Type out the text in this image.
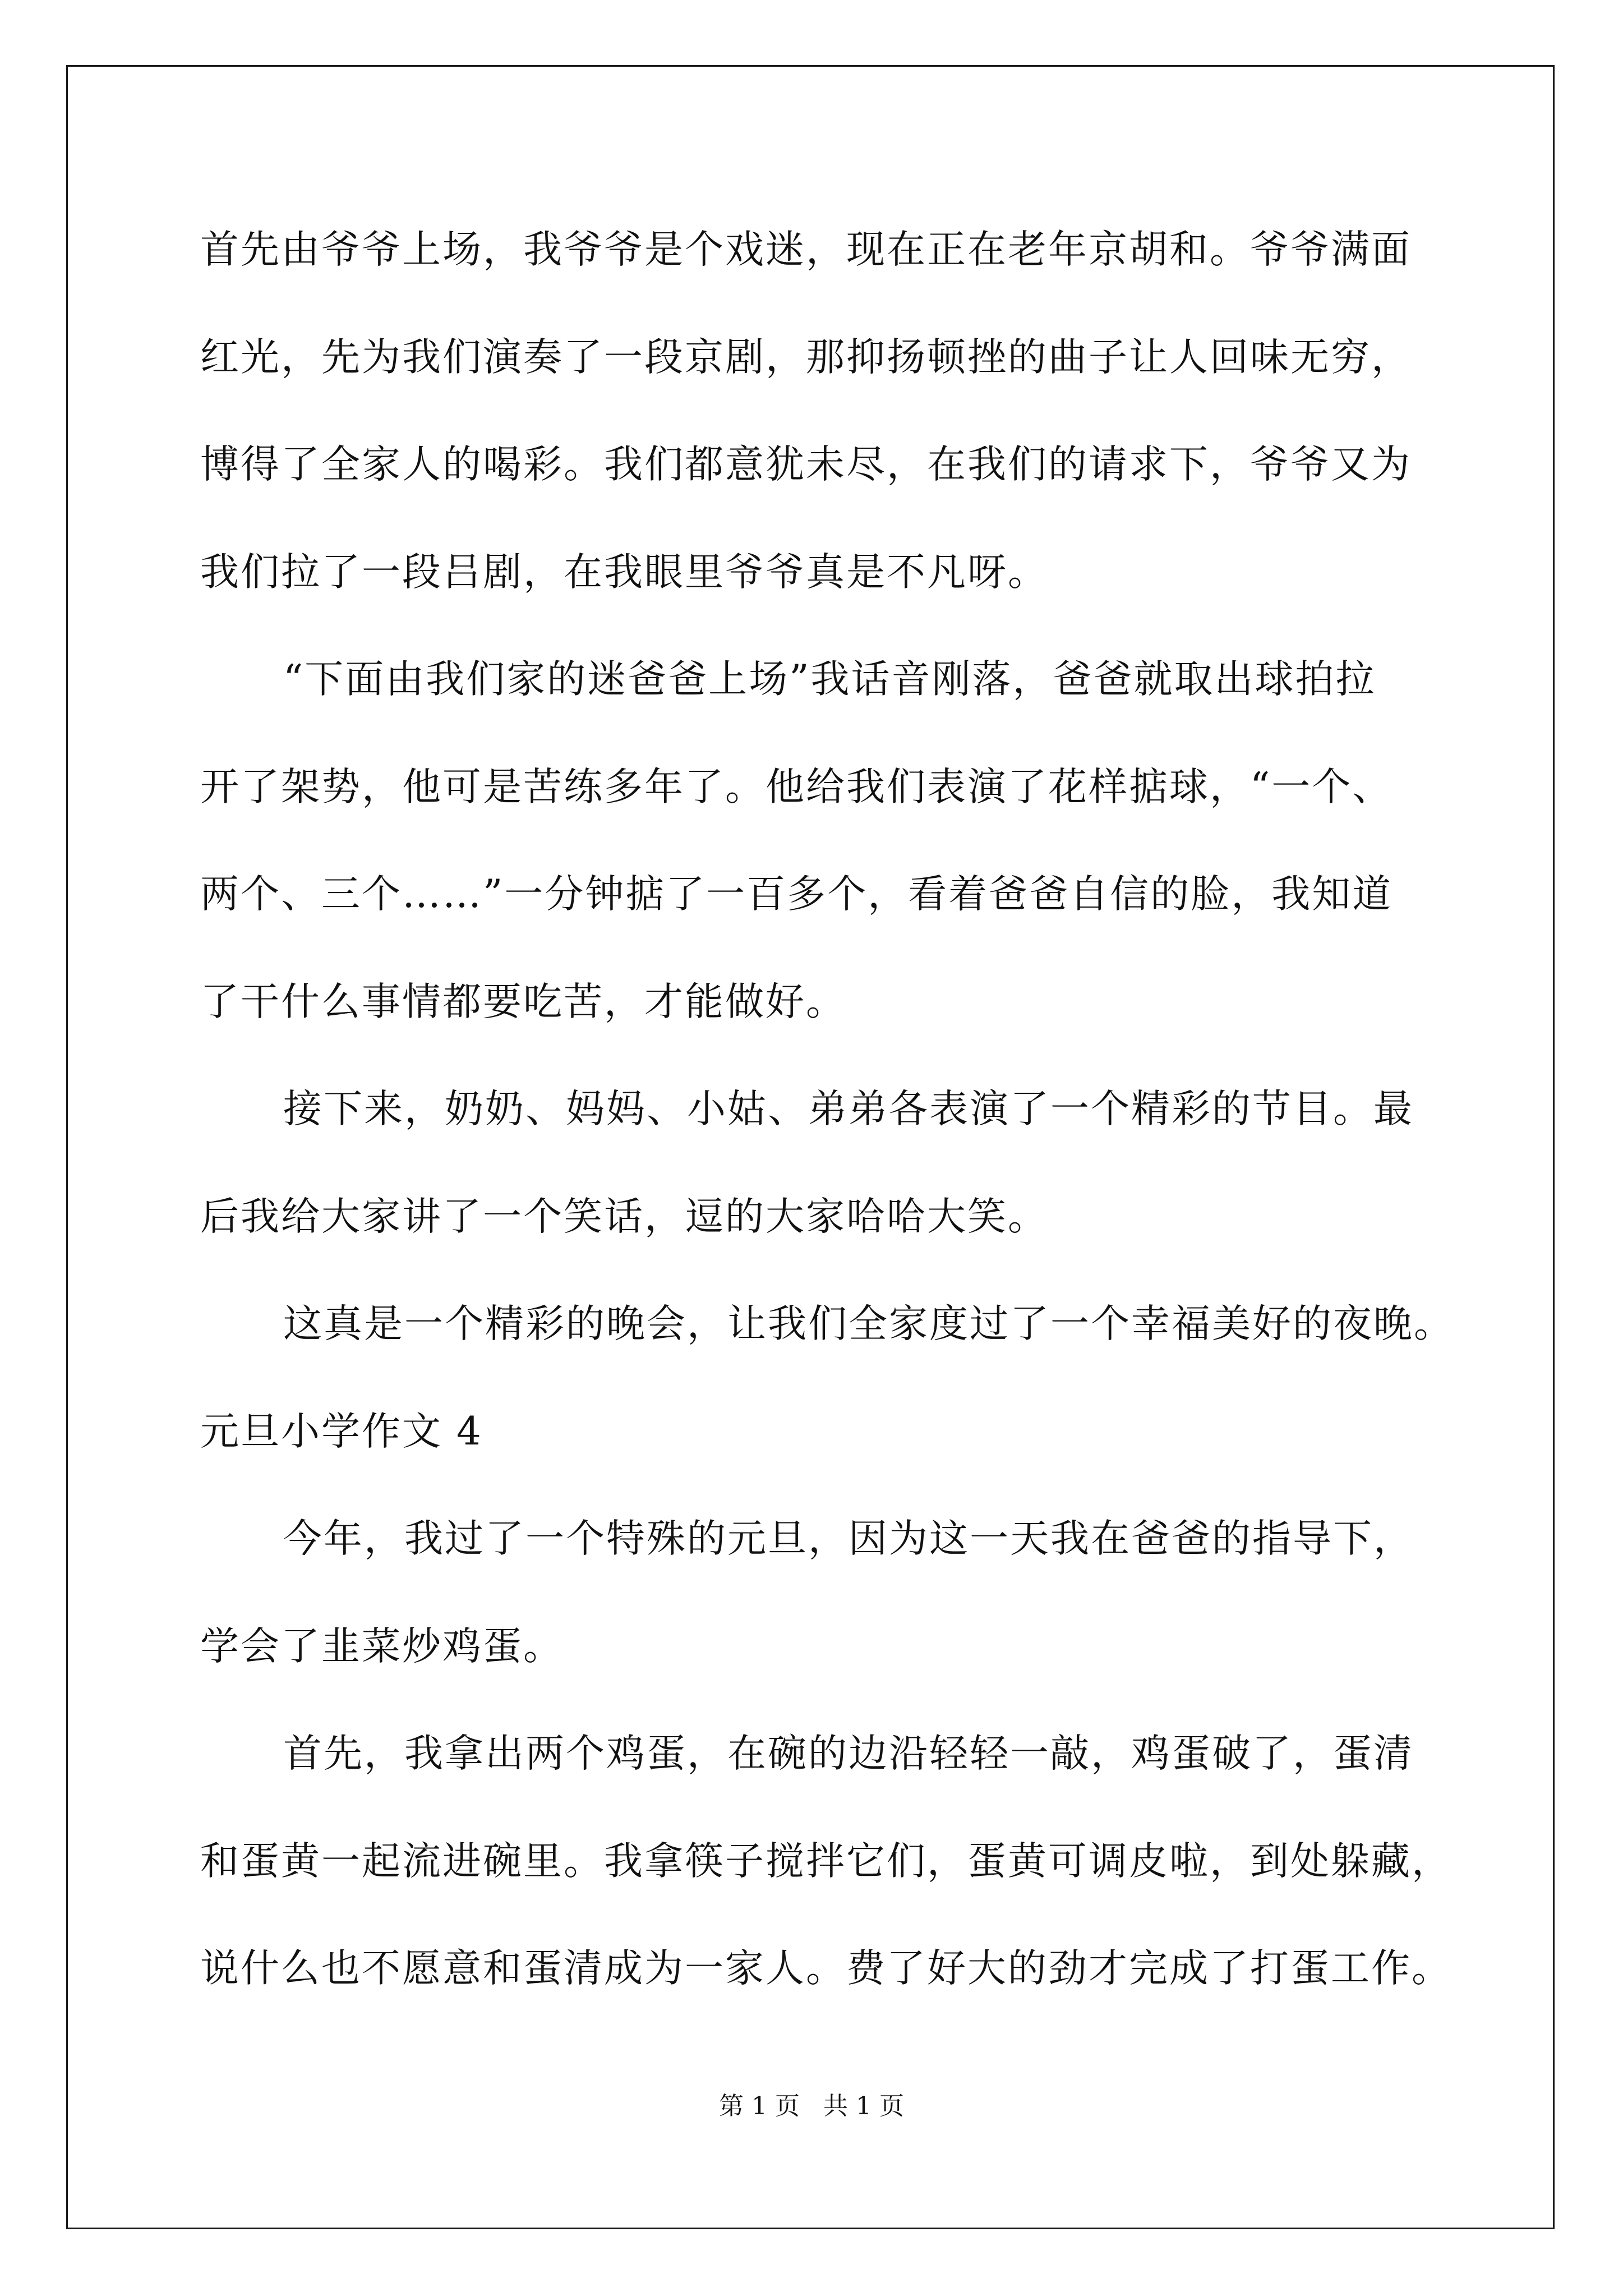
首先由爷爷上场，我爷爷是个戏迷，现在正在老年京胡和。爷爷满面
红光，先为我们演奏了一段京剧，那抑扬顿挫的曲子让人回味无穷，
博得了全家人的喝彩。我们都意犹未尽，在我们的请求下，爷爷又为
我们拉了一段吕剧，在我眼里爷爷真是不凡呀。
“下面由我们家的迷爸爸上场”我话音刚落，爸爸就取出球拍拉
开了架势，他可是苦练多年了。他给我们表演了花样掂球，“一个、
两个、三个……”一分钟掂了一百多个，看着爸爸自信的脸，我知道
了干什么事情都要吃苦，才能做好。
接下来，奶奶、妈妈、小姑、弟弟各表演了一个精彩的节目。最
后我给大家讲了一个笑话，逗的大家哈哈大笑。
这真是一个精彩的晚会，让我们全家度过了一个幸福美好的夜晚。
元旦小学作文 4
今年，我过了一个特殊的元旦，因为这一天我在爸爸的指导下，
学会了韭菜炒鸡蛋。
首先，我拿出两个鸡蛋，在碗的边沿轻轻一敲，鸡蛋破了，蛋清
和蛋黄一起流进碗里。我拿筷子搅拌它们，蛋黄可调皮啦，到处躲藏，
说什么也不愿意和蛋清成为一家人。费了好大的劲才完成了打蛋工作。
第 1 页   共 1 页
